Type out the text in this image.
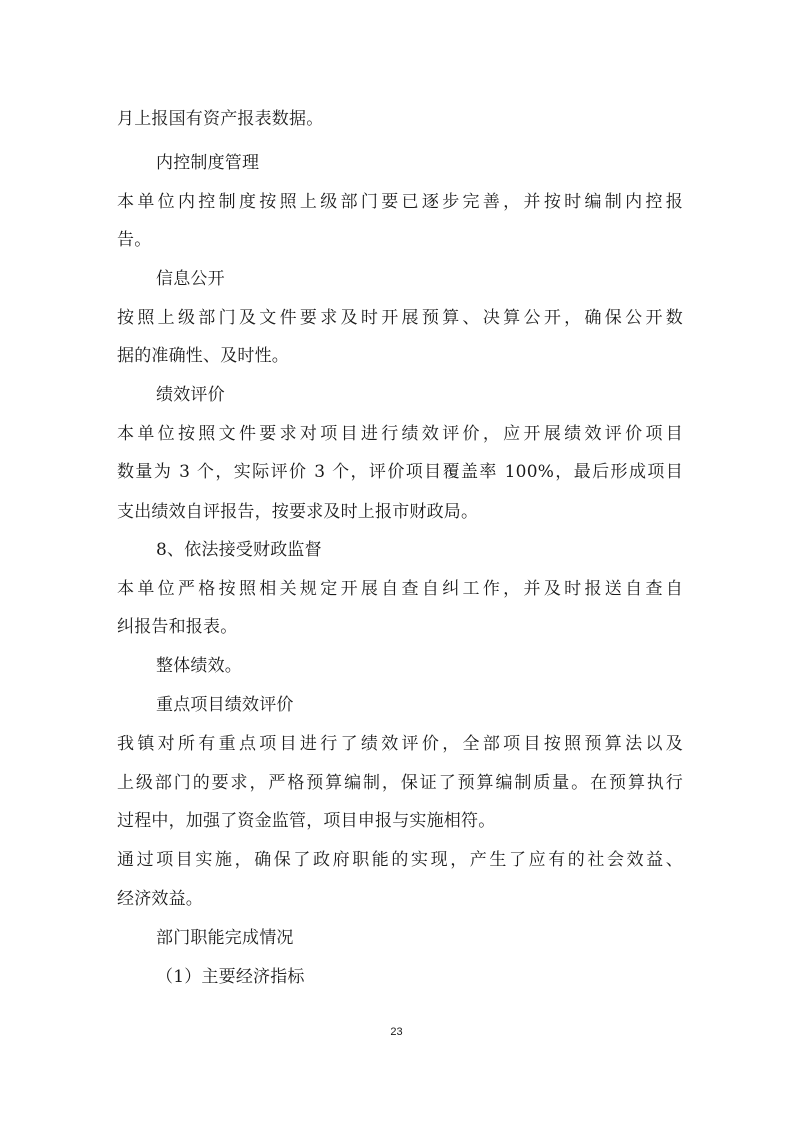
月上报国有资产报表数据。

内控制度管理

本单位内控制度按照上级部门要已逐步完善，并按时编制内控报

告。

信息公开

按照上级部门及文件要求及时开展预算、决算公开，确保公开数

据的准确性、及时性。

绩效评价

本单位按照文件要求对项目进行绩效评价，应开展绩效评价项目

数量为 3 个，实际评价 3 个，评价项目覆盖率 100%，最后形成项目

支出绩效自评报告，按要求及时上报市财政局。

8、依法接受财政监督

本单位严格按照相关规定开展自查自纠工作，并及时报送自查自

纠报告和报表。

整体绩效。

重点项目绩效评价

我镇对所有重点项目进行了绩效评价，全部项目按照预算法以及

上级部门的要求，严格预算编制，保证了预算编制质量。在预算执行

过程中，加强了资金监管，项目申报与实施相符。

通过项目实施，确保了政府职能的实现，产生了应有的社会效益、

经济效益。

部门职能完成情况

（1）主要经济指标

23
